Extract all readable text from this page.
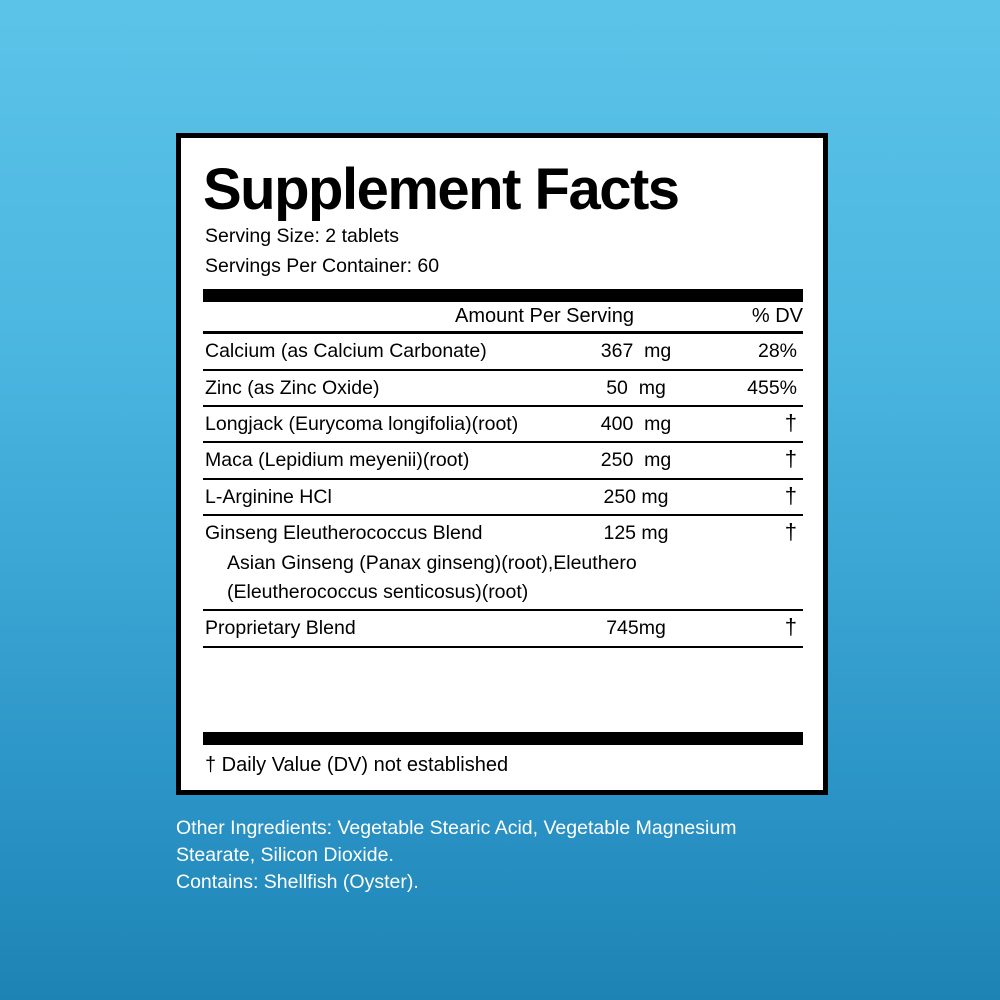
Supplement Facts
Serving Size: 2 tablets
Servings Per Container: 60
Amount Per Serving	% DV
Calcium (as Calcium Carbonate)	367  mg	28%
Zinc (as Zinc Oxide)	50  mg	455%
Longjack (Eurycoma longifolia)(root)	400  mg	†
Maca (Lepidium meyenii)(root)	250  mg	†
L-Arginine HCl	250 mg	†
Ginseng Eleutherococcus Blend	125 mg	†
Asian Ginseng (Panax ginseng)(root),Eleuthero
(Eleutherococcus senticosus)(root)
Proprietary Blend	745mg	†
† Daily Value (DV) not established

Other Ingredients: Vegetable Stearic Acid, Vegetable Magnesium

Stearate, Silicon Dioxide.

Contains: Shellfish (Oyster).
